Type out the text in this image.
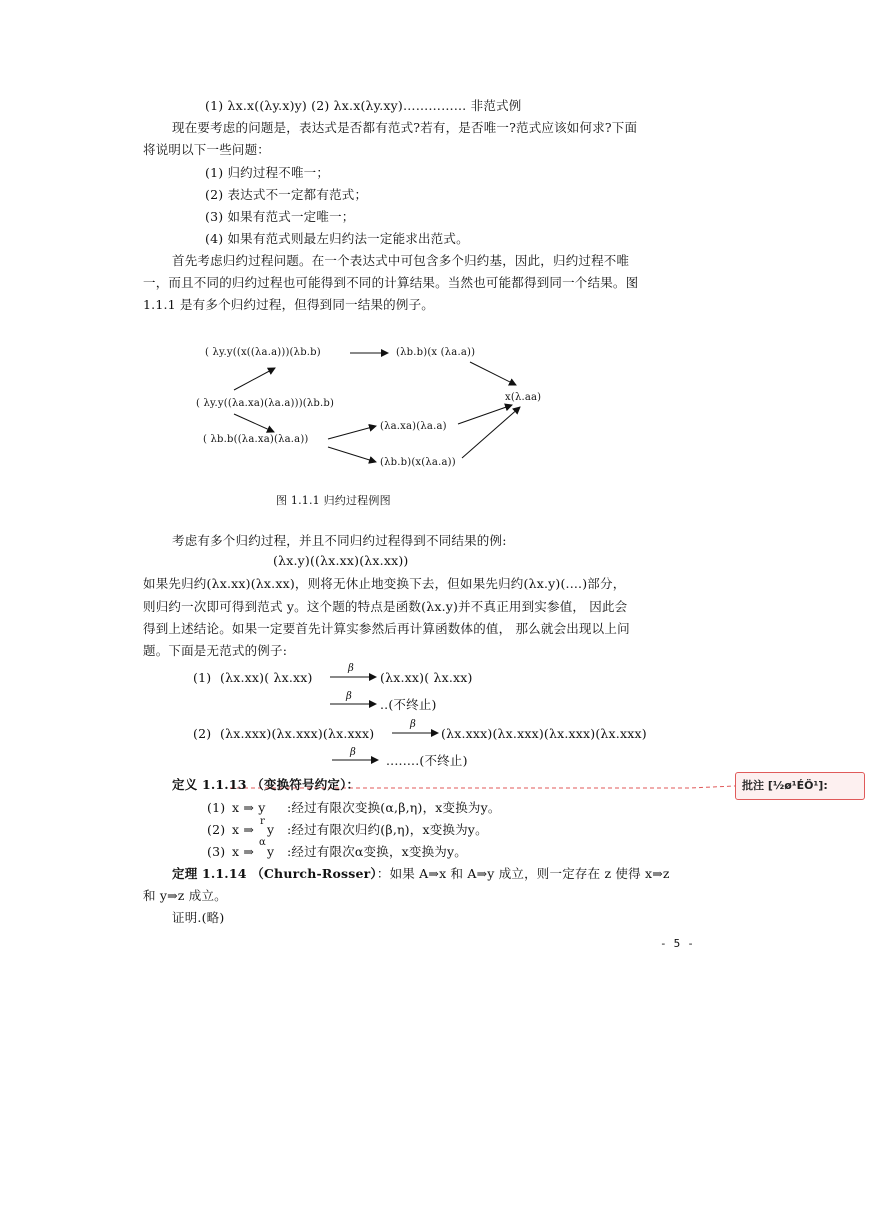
(1) λx.x((λy.x)y) (2) λx.x(λy.xy)…………… 非范式例
现在要考虑的问题是，表达式是否都有范式?若有，是否唯一?范式应该如何求?下面
将说明以下一些问题：
(1) 归约过程不唯一；
(2) 表达式不一定都有范式；
(3) 如果有范式一定唯一；
(4) 如果有范式则最左归约法一定能求出范式。
首先考虑归约过程问题。在一个表达式中可包含多个归约基，因此，归约过程不唯
一，而且不同的归约过程也可能得到不同的计算结果。当然也可能都得到同一个结果。图
1.1.1 是有多个归约过程，但得到同一结果的例子。
( λy.y((x((λa.a)))(λb.b)	(λb.b)(x (λa.a))
( λy.y((λa.xa)(λa.a)))(λb.b)
x(λ.aa)
( λb.b((λa.xa)(λa.a))
(λa.xa)(λa.a)
(λb.b)(x(λa.a))
图 1.1.1 归约过程例图
考虑有多个归约过程，并且不同归约过程得到不同结果的例:
(λx.y)((λx.xx)(λx.xx))
如果先归约(λx.xx)(λx.xx)，则将无休止地变换下去，但如果先归约(λx.y)(....)部分，
则归约一次即可得到范式 y。这个题的特点是函数(λx.y)并不真正用到实参值， 因此会
得到上述结论。如果一定要首先计算实参然后再计算函数体的值， 那么就会出现以上问
题。下面是无范式的例子:
(1) (λx.xx)( λx.xx)
β
(λx.xx)( λx.xx)
β
..(不终止)
(2) (λx.xxx)(λx.xxx)(λx.xxx)
β
(λx.xxx)(λx.xxx)(λx.xxx)(λx.xxx)
β
........(不终止)
定义 1.1.13 （变换符号约定）：
(1) x ⇒ y :经过有限次变换(α,β,η)，x变换为y。
(2) x ⇒
r
y :经过有限次归约(β,η)，x变换为y。
(3) x ⇒
α
y :经过有限次α变换，x变换为y。
定理 1.1.14 （Church-Rosser）：如果 A⇒x 和 A⇒y 成立，则一定存在 z 使得 x⇒z
和 y⇒z 成立。
证明.(略)
- 5 -
批注 [½ø¹ÉÖ¹]:
